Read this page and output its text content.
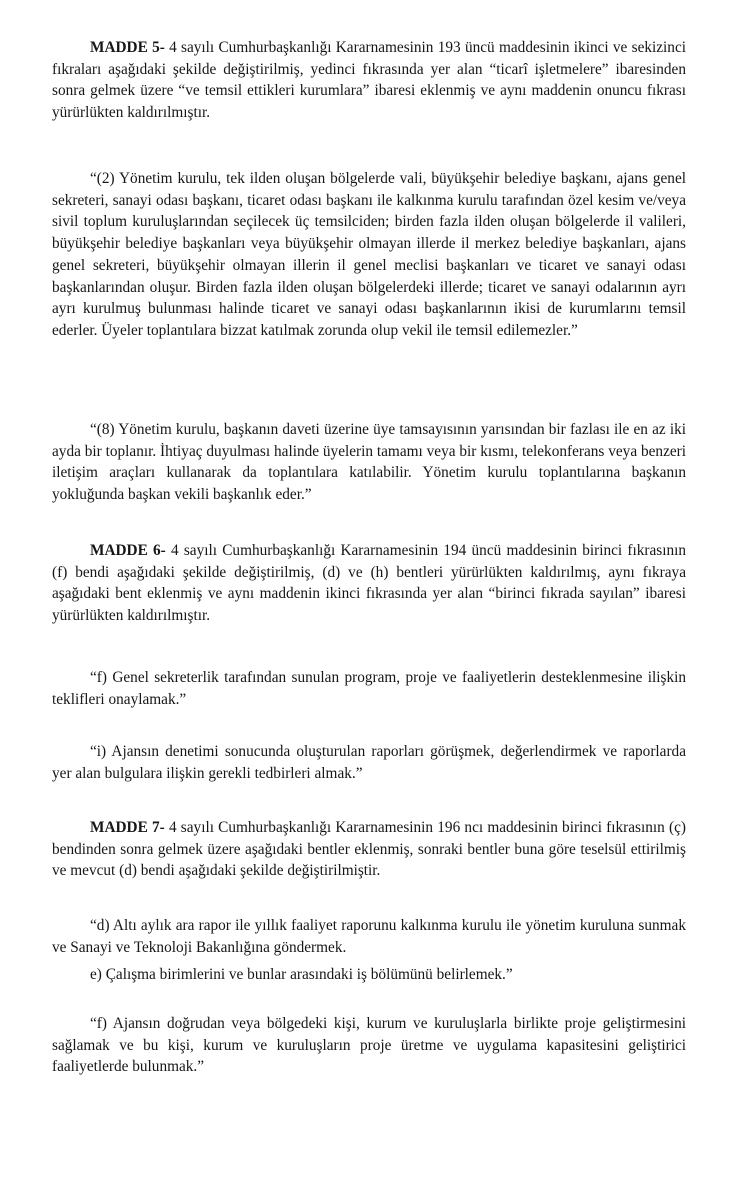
MADDE 5- 4 sayılı Cumhurbaşkanlığı Kararnamesinin 193 üncü maddesinin ikinci ve sekizinci fıkraları aşağıdaki şekilde değiştirilmiş, yedinci fıkrasında yer alan “ticarî işletmelere” ibaresinden sonra gelmek üzere “ve temsil ettikleri kurumlara” ibaresi eklenmiş ve aynı maddenin onuncu fıkrası yürürlükten kaldırılmıştır.

“(2) Yönetim kurulu, tek ilden oluşan bölgelerde vali, büyükşehir belediye başkanı, ajans genel sekreteri, sanayi odası başkanı, ticaret odası başkanı ile kalkınma kurulu tarafından özel kesim ve/veya sivil toplum kuruluşlarından seçilecek üç temsilciden; birden fazla ilden oluşan bölgelerde il valileri, büyükşehir belediye başkanları veya büyükşehir olmayan illerde il merkez belediye başkanları, ajans genel sekreteri, büyükşehir olmayan illerin il genel meclisi başkanları ve ticaret ve sanayi odası başkanlarından oluşur. Birden fazla ilden oluşan bölgelerdeki illerde; ticaret ve sanayi odalarının ayrı ayrı kurulmuş bulunması halinde ticaret ve sanayi odası başkanlarının ikisi de kurumlarını temsil ederler. Üyeler toplantılara bizzat katılmak zorunda olup vekil ile temsil edilemezler.”

“(8) Yönetim kurulu, başkanın daveti üzerine üye tamsayısının yarısından bir fazlası ile en az iki ayda bir toplanır. İhtiyaç duyulması halinde üyelerin tamamı veya bir kısmı, telekonferans veya benzeri iletişim araçları kullanarak da toplantılara katılabilir. Yönetim kurulu toplantılarına başkanın yokluğunda başkan vekili başkanlık eder.”

MADDE 6- 4 sayılı Cumhurbaşkanlığı Kararnamesinin 194 üncü maddesinin birinci fıkrasının (f) bendi aşağıdaki şekilde değiştirilmiş, (d) ve (h) bentleri yürürlükten kaldırılmış, aynı fıkraya aşağıdaki bent eklenmiş ve aynı maddenin ikinci fıkrasında yer alan “birinci fıkrada sayılan” ibaresi yürürlükten kaldırılmıştır.

“f) Genel sekreterlik tarafından sunulan program, proje ve faaliyetlerin desteklenmesine ilişkin teklifleri onaylamak.”

“i) Ajansın denetimi sonucunda oluşturulan raporları görüşmek, değerlendirmek ve raporlarda yer alan bulgulara ilişkin gerekli tedbirleri almak.”

MADDE 7- 4 sayılı Cumhurbaşkanlığı Kararnamesinin 196 ncı maddesinin birinci fıkrasının (ç) bendinden sonra gelmek üzere aşağıdaki bentler eklenmiş, sonraki bentler buna göre teselsül ettirilmiş ve mevcut (d) bendi aşağıdaki şekilde değiştirilmiştir.

“d) Altı aylık ara rapor ile yıllık faaliyet raporunu kalkınma kurulu ile yönetim kuruluna sunmak ve Sanayi ve Teknoloji Bakanlığına göndermek.

e) Çalışma birimlerini ve bunlar arasındaki iş bölümünü belirlemek.”

“f) Ajansın doğrudan veya bölgedeki kişi, kurum ve kuruluşlarla birlikte proje geliştirmesini sağlamak ve bu kişi, kurum ve kuruluşların proje üretme ve uygulama kapasitesini geliştirici faaliyetlerde bulunmak.”
